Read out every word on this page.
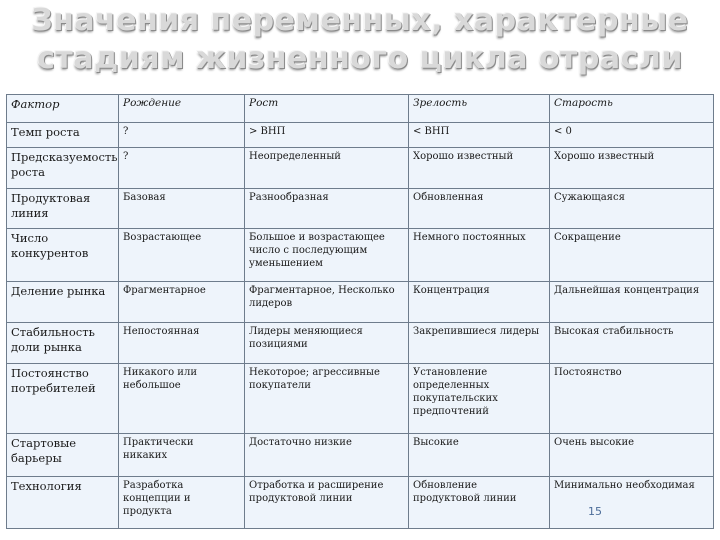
Значения переменных, характерные
стадиям жизненного цикла отрасли
Фактор	Рождение	Рост	Зрелость	Старость
Темп роста	?	> ВНП	< ВНП	< 0
Предсказуемость роста	?	Неопределенный	Хорошо известный	Хорошо известный
Продуктовая линия	Базовая	Разнообразная	Обновленная	Сужающаяся
Число конкурентов	Возрастающее	Большое и возрастающее число с последующим уменьшением	Немного постоянных	Сокращение
Деление рынка	Фрагментарное	Фрагментарное, Несколько лидеров	Концентрация	Дальнейшая концентрация
Стабильность доли рынка	Непостоянная	Лидеры меняющиеся позициями	Закрепившиеся лидеры	Высокая стабильность
Постоянство потребителей	Никакого или небольшое	Некоторое; агрессивные покупатели	Установление определенных покупательских предпочтений	Постоянство
Стартовые барьеры	Практически никаких	Достаточно низкие	Высокие	Очень высокие
Технология	Разработка концепции и продукта	Отработка и расширение продуктовой линии	Обновление продуктовой линии	Минимально необходимая
15
